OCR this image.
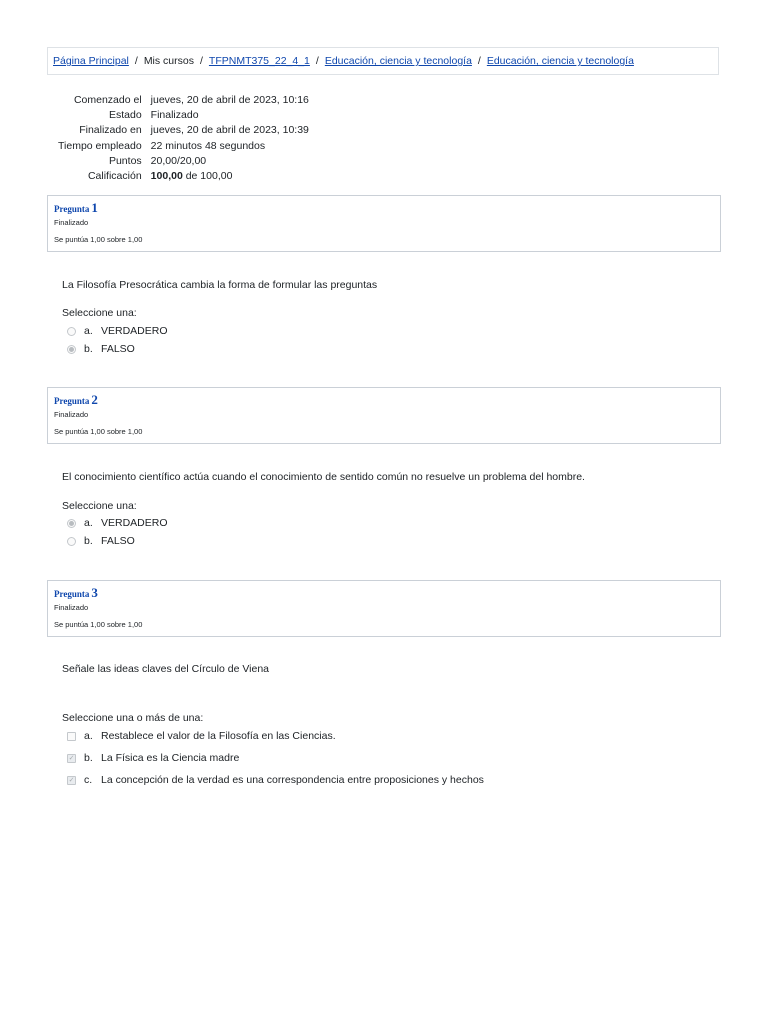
Página Principal / Mis cursos / TFPNMT375_22_4_1 / Educación, ciencia y tecnología / Educación, ciencia y tecnología
Comenzado el	jueves, 20 de abril de 2023, 10:16
Estado	Finalizado
Finalizado en	jueves, 20 de abril de 2023, 10:39
Tiempo empleado	22 minutos 48 segundos
Puntos	20,00/20,00
Calificación	100,00 de 100,00
Pregunta 1
Finalizado
Se puntúa 1,00 sobre 1,00
La Filosofía Presocrática cambia la forma de formular las preguntas
Seleccione una:
a. VERDADERO
b. FALSO
Pregunta 2
Finalizado
Se puntúa 1,00 sobre 1,00
El conocimiento científico actúa cuando el conocimiento de sentido común no resuelve un problema del hombre.
Seleccione una:
a. VERDADERO
b. FALSO
Pregunta 3
Finalizado
Se puntúa 1,00 sobre 1,00
Señale las ideas claves del Círculo de Viena
Seleccione una o más de una:
a. Restablece el valor de la Filosofía en las Ciencias.
✓ b. La Física es la Ciencia madre
✓ c. La concepción de la verdad es una correspondencia entre proposiciones y hechos
